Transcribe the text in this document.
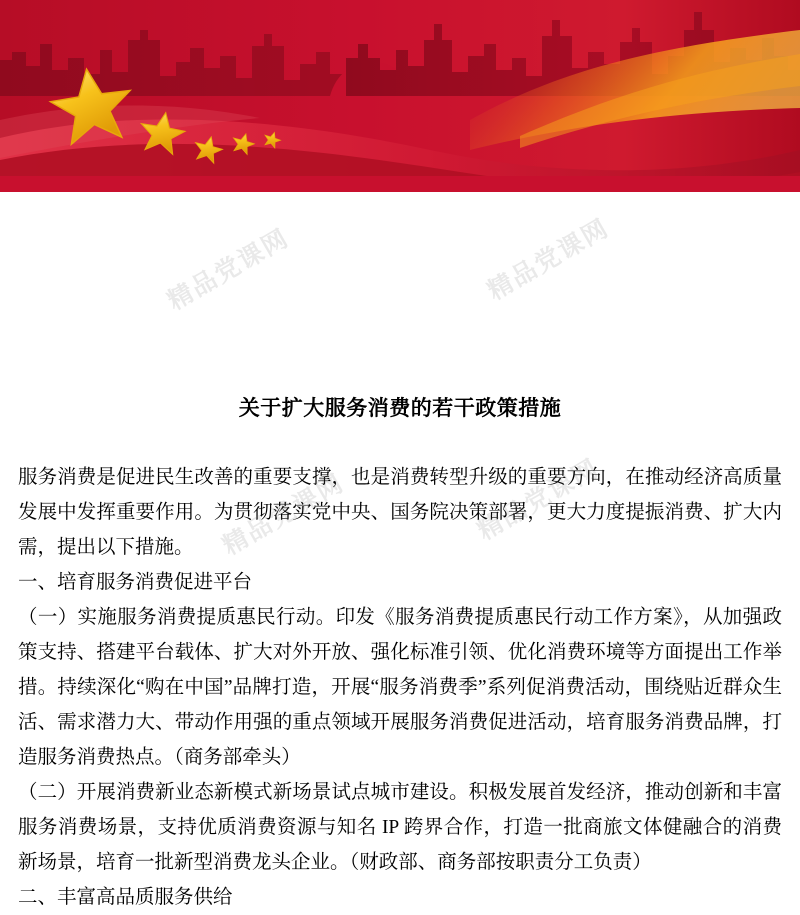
精品党课网	精品党课网
精品党课网	精品党课网
关于扩大服务消费的若干政策措施

服务消费是促进民生改善的重要支撑，也是消费转型升级的重要方向，在推动经济高质量发展中发挥重要作用。为贯彻落实党中央、国务院决策部署，更大力度提振消费、扩大内需，提出以下措施。

一、培育服务消费促进平台

（一）实施服务消费提质惠民行动。印发《服务消费提质惠民行动工作方案》，从加强政策支持、搭建平台载体、扩大对外开放、强化标准引领、优化消费环境等方面提出工作举措。持续深化“购在中国”品牌打造，开展“服务消费季”系列促消费活动，围绕贴近群众生活、需求潜力大、带动作用强的重点领域开展服务消费促进活动，培育服务消费品牌，打造服务消费热点。（商务部牵头）

（二）开展消费新业态新模式新场景试点城市建设。积极发展首发经济，推动创新和丰富服务消费场景，支持优质消费资源与知名 IP 跨界合作，打造一批商旅文体健融合的消费新场景，培育一批新型消费龙头企业。（财政部、商务部按职责分工负责）

二、丰富高品质服务供给
